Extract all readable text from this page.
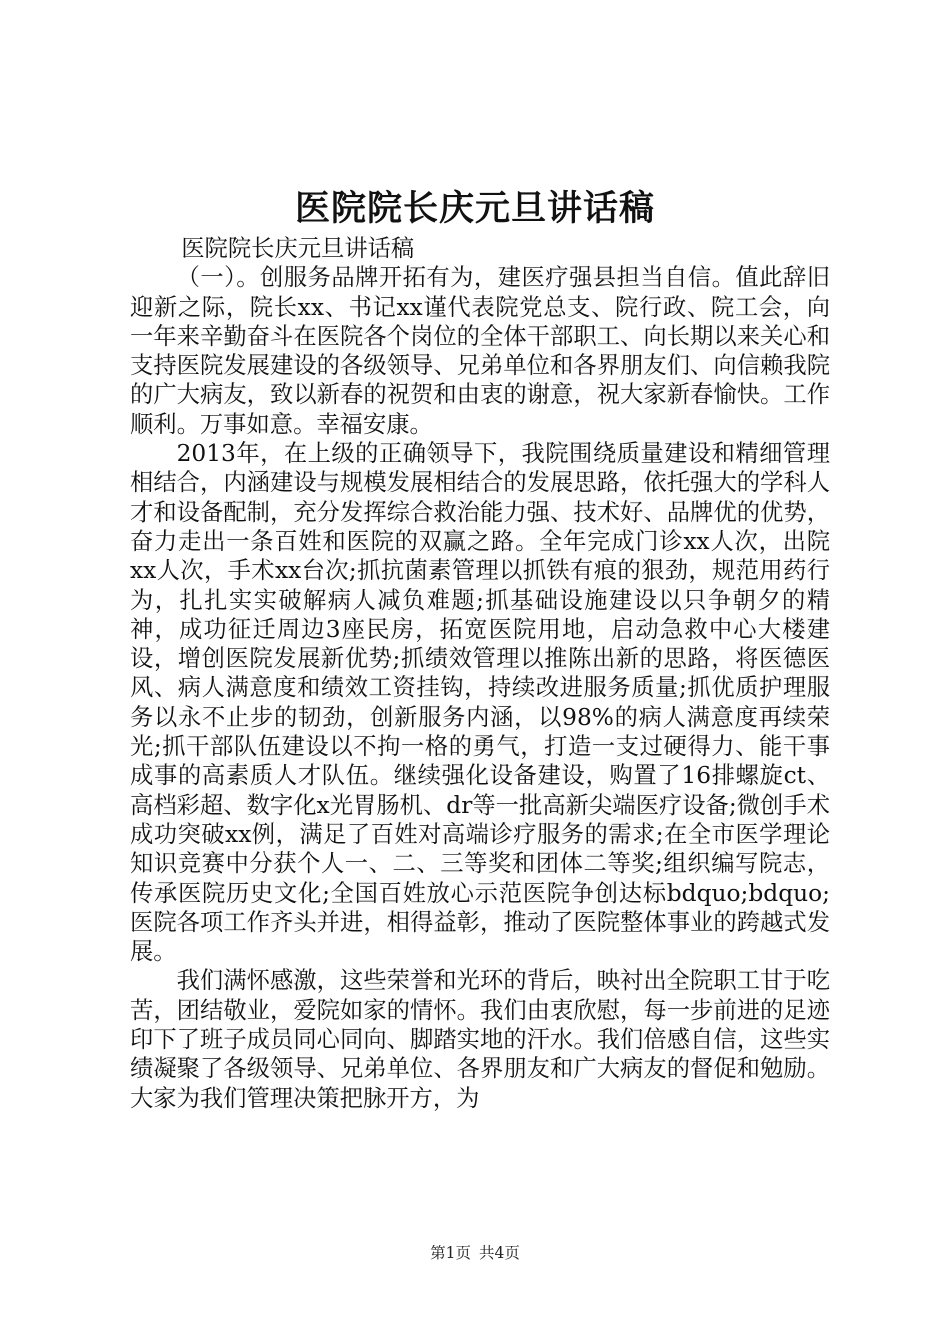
医院院长庆元旦讲话稿

医院院长庆元旦讲话稿

（一）。创服务品牌开拓有为，建医疗强县担当自信。值此辞旧迎新之际，院长xx、书记xx谨代表院党总支、院行政、院工会，向一年来辛勤奋斗在医院各个岗位的全体干部职工、向长期以来关心和支持医院发展建设的各级领导、兄弟单位和各界朋友们、向信赖我院的广大病友，致以新春的祝贺和由衷的谢意，祝大家新春愉快。工作顺利。万事如意。幸福安康。

2013年，在上级的正确领导下，我院围绕质量建设和精细管理相结合，内涵建设与规模发展相结合的发展思路，依托强大的学科人才和设备配制，充分发挥综合救治能力强、技术好、品牌优的优势，奋力走出一条百姓和医院的双赢之路。全年完成门诊xx人次，出院xx人次，手术xx台次;抓抗菌素管理以抓铁有痕的狠劲，规范用药行为，扎扎实实破解病人减负难题;抓基础设施建设以只争朝夕的精神，成功征迁周边3座民房，拓宽医院用地，启动急救中心大楼建设，增创医院发展新优势;抓绩效管理以推陈出新的思路，将医德医风、病人满意度和绩效工资挂钩，持续改进服务质量;抓优质护理服务以永不止步的韧劲，创新服务内涵，以98%的病人满意度再续荣光;抓干部队伍建设以不拘一格的勇气，打造一支过硬得力、能干事成事的高素质人才队伍。继续强化设备建设，购置了16排螺旋ct、高档彩超、数字化x光胃肠机、dr等一批高新尖端医疗设备;微创手术成功突破xx例，满足了百姓对高端诊疗服务的需求;在全市医学理论知识竞赛中分获个人一、二、三等奖和团体二等奖;组织编写院志，传承医院历史文化;全国百姓放心示范医院争创达标bdquo;bdquo;医院各项工作齐头并进，相得益彰，推动了医院整体事业的跨越式发展。

我们满怀感激，这些荣誉和光环的背后，映衬出全院职工甘于吃苦，团结敬业，爱院如家的情怀。我们由衷欣慰，每一步前进的足迹印下了班子成员同心同向、脚踏实地的汗水。我们倍感自信，这些实绩凝聚了各级领导、兄弟单位、各界朋友和广大病友的督促和勉励。大家为我们管理决策把脉开方，为

第1页 共4页
